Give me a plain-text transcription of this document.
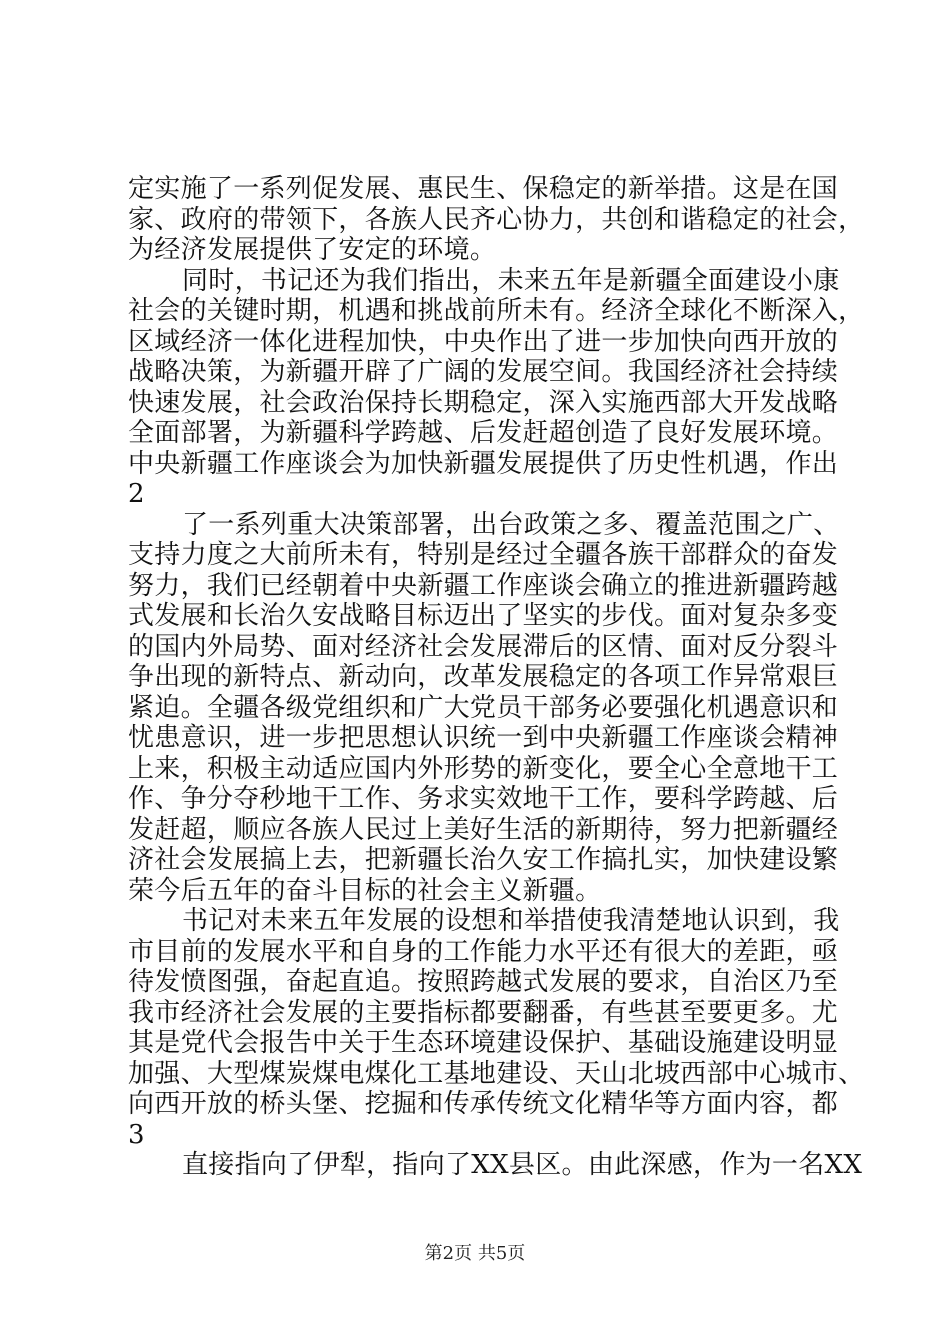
定实施了一系列促发展、惠民生、保稳定的新举措。这是在国
家、政府的带领下，各族人民齐心协力，共创和谐稳定的社会，
为经济发展提供了安定的环境。
同时，书记还为我们指出，未来五年是新疆全面建设小康
社会的关键时期，机遇和挑战前所未有。经济全球化不断深入，
区域经济一体化进程加快，中央作出了进一步加快向西开放的
战略决策，为新疆开辟了广阔的发展空间。我国经济社会持续
快速发展，社会政治保持长期稳定，深入实施西部大开发战略
全面部署，为新疆科学跨越、后发赶超创造了良好发展环境。
中央新疆工作座谈会为加快新疆发展提供了历史性机遇，作出
2
了一系列重大决策部署，出台政策之多、覆盖范围之广、
支持力度之大前所未有，特别是经过全疆各族干部群众的奋发
努力，我们已经朝着中央新疆工作座谈会确立的推进新疆跨越
式发展和长治久安战略目标迈出了坚实的步伐。面对复杂多变
的国内外局势、面对经济社会发展滞后的区情、面对反分裂斗
争出现的新特点、新动向，改革发展稳定的各项工作异常艰巨
紧迫。全疆各级党组织和广大党员干部务必要强化机遇意识和
忧患意识，进一步把思想认识统一到中央新疆工作座谈会精神
上来，积极主动适应国内外形势的新变化，要全心全意地干工
作、争分夺秒地干工作、务求实效地干工作，要科学跨越、后
发赶超，顺应各族人民过上美好生活的新期待，努力把新疆经
济社会发展搞上去，把新疆长治久安工作搞扎实，加快建设繁
荣今后五年的奋斗目标的社会主义新疆。
书记对未来五年发展的设想和举措使我清楚地认识到，我
市目前的发展水平和自身的工作能力水平还有很大的差距，亟
待发愤图强，奋起直追。按照跨越式发展的要求，自治区乃至
我市经济社会发展的主要指标都要翻番，有些甚至要更多。尤
其是党代会报告中关于生态环境建设保护、基础设施建设明显
加强、大型煤炭煤电煤化工基地建设、天山北坡西部中心城市、
向西开放的桥头堡、挖掘和传承传统文化精华等方面内容，都
3
直接指向了伊犁，指向了XX县区。由此深感，作为一名XX
第2页 共5页
